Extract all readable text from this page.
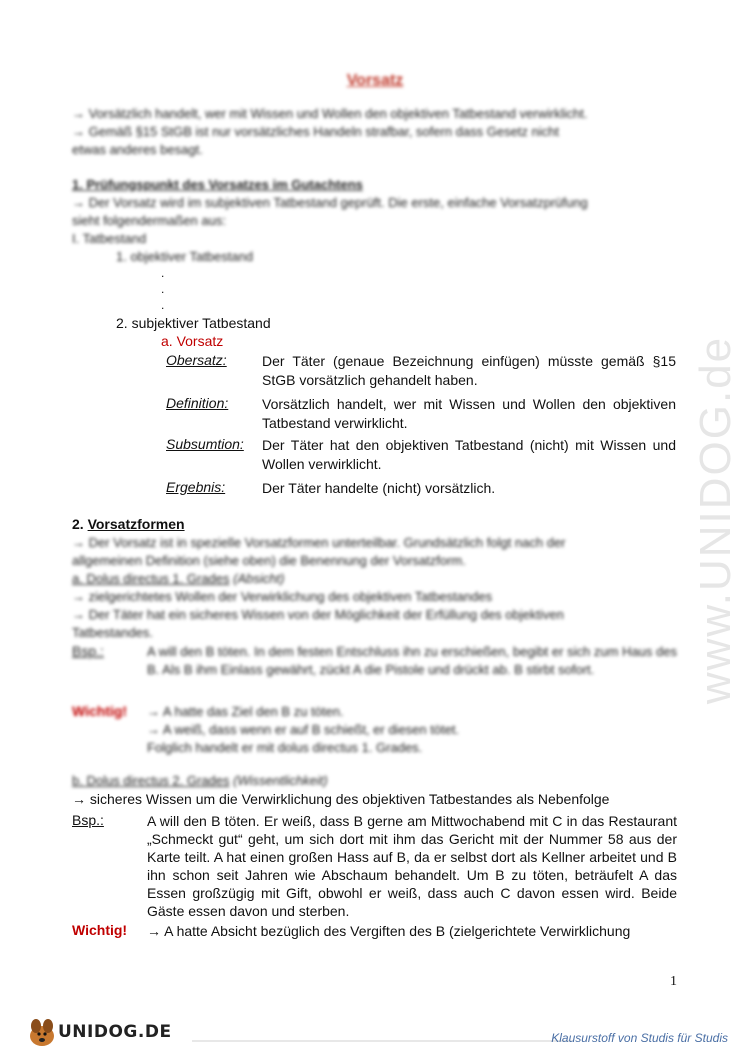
www.UNIDOG.de
Vorsatz
→ Vorsätzlich handelt, wer mit Wissen und Wollen den objektiven Tatbestand verwirklicht.
→ Gemäß §15 StGB ist nur vorsätzliches Handeln strafbar, sofern dass Gesetz nicht
etwas anderes besagt.
1. Prüfungspunkt des Vorsatzes im Gutachtens
→ Der Vorsatz wird im subjektiven Tatbestand geprüft. Die erste, einfache Vorsatzprüfung
sieht folgendermaßen aus:
I. Tatbestand
1. objektiver Tatbestand
.
.
.
2. subjektiver Tatbestand
a. Vorsatz
Obersatz:	Der Täter (genaue Bezeichnung einfügen) müsste gemäß §15 StGB vorsätzlich gehandelt haben.
Definition: Vorsätzlich handelt, wer mit Wissen und Wollen den objektiven Tatbestand verwirklicht.
Subsumtion: Der Täter hat den objektiven Tatbestand (nicht) mit Wissen und Wollen verwirklicht.
Ergebnis:	Der Täter handelte (nicht) vorsätzlich.
2. Vorsatzformen
→ Der Vorsatz ist in spezielle Vorsatzformen unterteilbar. Grundsätzlich folgt nach der
allgemeinen Definition (siehe oben) die Benennung der Vorsatzform.
a. Dolus directus 1. Grades (Absicht)
→ zielgerichtetes Wollen der Verwirklichung des objektiven Tatbestandes
→ Der Täter hat ein sicheres Wissen von der Möglichkeit der Erfüllung des objektiven
Tatbestandes.
Bsp.:	A will den B töten. In dem festen Entschluss ihn zu erschießen, begibt er sich zum Haus des B. Als B ihm Einlass gewährt, zückt A die Pistole und drückt ab. B stirbt sofort.
Wichtig! → A hatte das Ziel den B zu töten.
→ A weiß, dass wenn er auf B schießt, er diesen tötet.
Folglich handelt er mit dolus directus 1. Grades.
b. Dolus directus 2. Grades (Wissentlichkeit)
→ sicheres Wissen um die Verwirklichung des objektiven Tatbestandes als Nebenfolge
Bsp.:	A will den B töten. Er weiß, dass B gerne am Mittwochabend mit C in das Restaurant „Schmeckt gut“ geht, um sich dort mit ihm das Gericht mit der Nummer 58 aus der Karte teilt. A hat einen großen Hass auf B, da er selbst dort als Kellner arbeitet und B ihn schon seit Jahren wie Abschaum behandelt. Um B zu töten, beträufelt A das Essen großzügig mit Gift, obwohl er weiß, dass auch C davon essen wird. Beide Gäste essen davon und sterben.
Wichtig! → A hatte Absicht bezüglich des Vergiften des B (zielgerichtete Verwirklichung
1
UNIDOG.DE	Klausurstoff von Studis für Studis
